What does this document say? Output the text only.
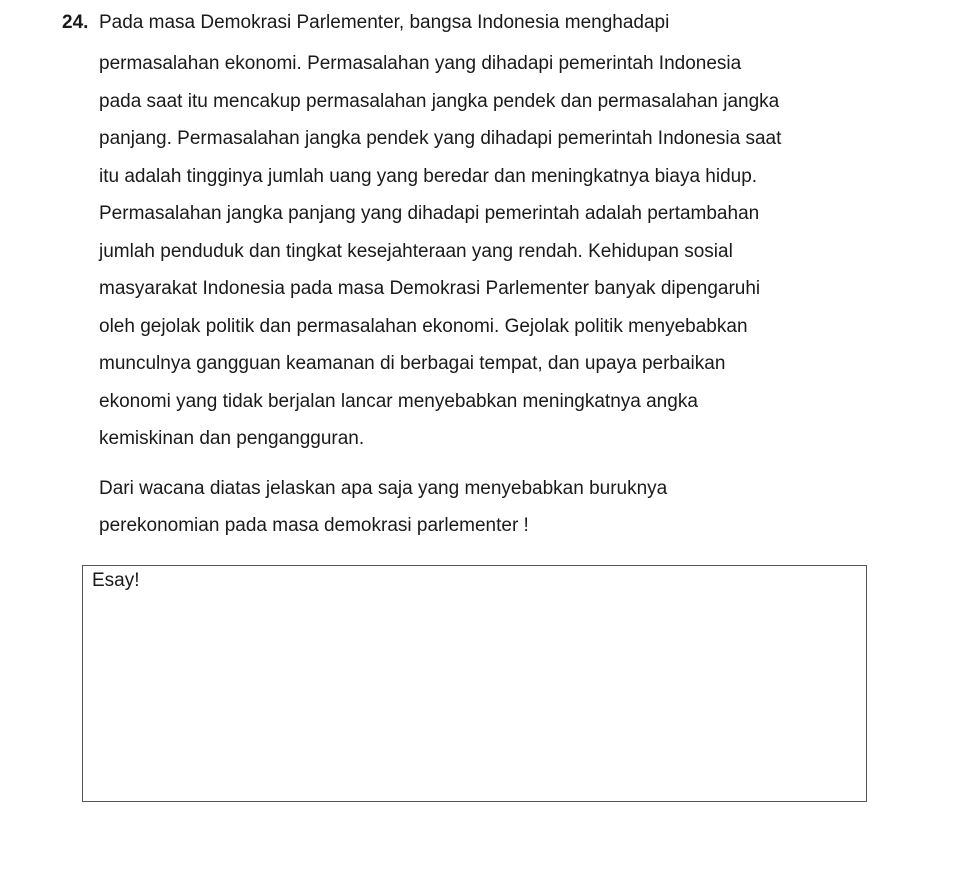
24. Pada masa Demokrasi Parlementer, bangsa Indonesia menghadapi

permasalahan ekonomi. Permasalahan yang dihadapi pemerintah Indonesia

pada saat itu mencakup permasalahan jangka pendek dan permasalahan jangka

panjang. Permasalahan jangka pendek yang dihadapi pemerintah Indonesia saat

itu adalah tingginya jumlah uang yang beredar dan meningkatnya biaya hidup.

Permasalahan jangka panjang yang dihadapi pemerintah adalah pertambahan

jumlah penduduk dan tingkat kesejahteraan yang rendah. Kehidupan sosial

masyarakat Indonesia pada masa Demokrasi Parlementer banyak dipengaruhi

oleh gejolak politik dan permasalahan ekonomi. Gejolak politik menyebabkan

munculnya gangguan keamanan di berbagai tempat, dan upaya perbaikan

ekonomi yang tidak berjalan lancar menyebabkan meningkatnya angka

kemiskinan dan pengangguran.

Dari wacana diatas jelaskan apa saja yang menyebabkan buruknya

perekonomian pada masa demokrasi parlementer !

Esay!
